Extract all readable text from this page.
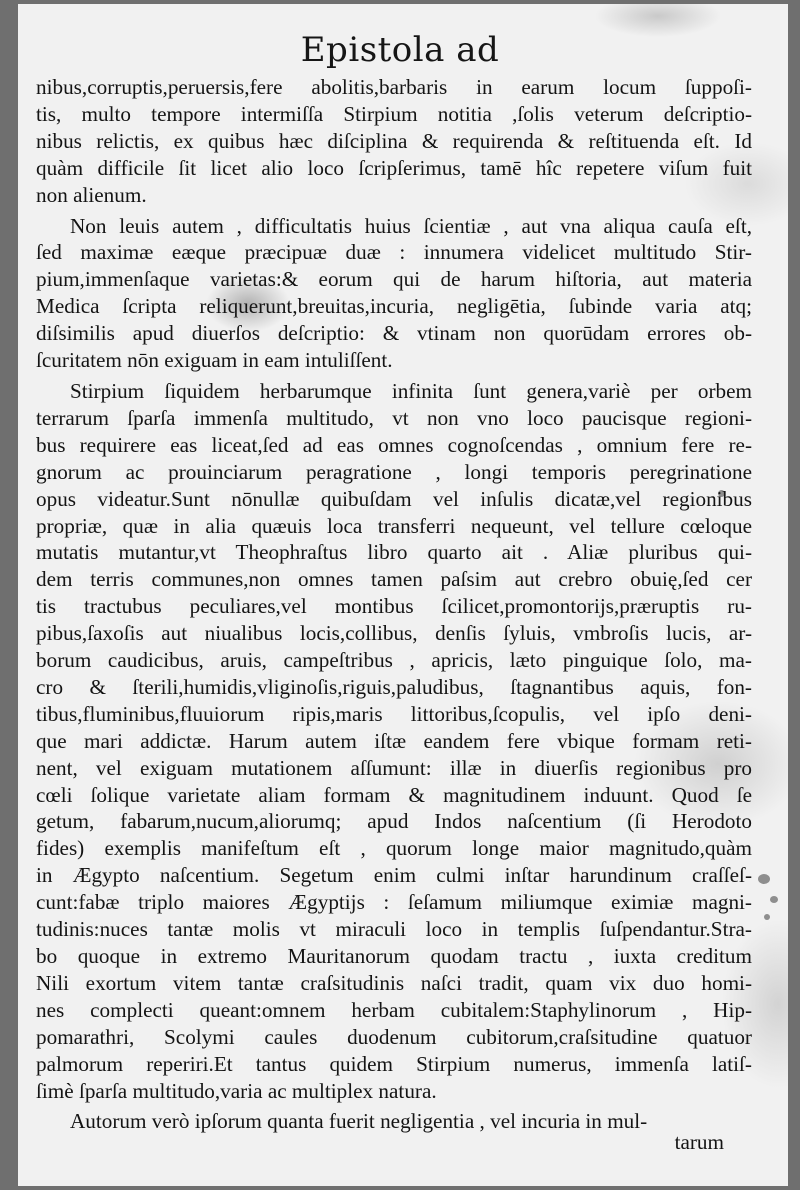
Epistola ad
nibus,corruptis,peruersis,fere abolitis,barbaris in earum locum ſuppoſi-
tis, multo tempore intermiſſa Stirpium notitia ,ſolis veterum deſcriptio-
nibus relictis, ex quibus hæc diſciplina & requirenda & reſtituenda eſt. Id
quàm difficile ſit licet alio loco ſcripſerimus, tamē hîc repetere viſum fuit
non alienum.
Non leuis autem , difficultatis huius ſcientiæ , aut vna aliqua cauſa eſt,
ſed maximæ eæque præcipuæ duæ : innumera videlicet multitudo Stir-
pium,immenſaque varietas:& eorum qui de harum hiſtoria, aut materia
Medica ſcripta reliquerunt,breuitas,incuria, negligētia, ſubinde varia atq;
diſsimilis apud diuerſos deſcriptio: & vtinam non quorūdam errores ob-
ſcuritatem nōn exiguam in eam intuliſſent.
Stirpium ſiquidem herbarumque infinita ſunt genera,variè per orbem
terrarum ſparſa immenſa multitudo, vt non vno loco paucisque regioni-
bus requirere eas liceat,ſed ad eas omnes cognoſcendas , omnium fere re-
gnorum ac prouinciarum peragratione , longi temporis peregrinatione
opus videatur.Sunt nōnullæ quibuſdam vel inſulis dicatæ,vel regionibus
propriæ, quæ in alia quæuis loca transferri nequeunt, vel tellure cœloque
mutatis mutantur,vt Theophraſtus libro quarto ait . Aliæ pluribus qui-
dem terris communes,non omnes tamen paſsim aut crebro obuię,ſed cer
tis tractubus peculiares,vel montibus ſcilicet,promontorijs,præruptis ru-
pibus,ſaxoſis aut niualibus locis,collibus, denſis ſyluis, vmbroſis lucis, ar-
borum caudicibus, aruis, campeſtribus , apricis, læto pinguique ſolo, ma-
cro & ſterili,humidis,vliginoſis,riguis,paludibus, ſtagnantibus aquis, fon-
tibus,fluminibus,fluuiorum ripis,maris littoribus,ſcopulis, vel ipſo deni-
que mari addictæ. Harum autem iſtæ eandem fere vbique formam reti-
nent, vel exiguam mutationem aſſumunt: illæ in diuerſis regionibus pro
cœli ſolique varietate aliam formam & magnitudinem induunt. Quod ſe
getum, fabarum,nucum,aliorumq; apud Indos naſcentium (ſi Herodoto
fides) exemplis manifeſtum eſt , quorum longe maior magnitudo,quàm
in Ægypto naſcentium. Segetum enim culmi inſtar harundinum craſſeſ-
cunt:fabæ triplo maiores Ægyptijs : ſeſamum miliumque eximiæ magni-
tudinis:nuces tantæ molis vt miraculi loco in templis ſuſpendantur.Stra-
bo quoque in extremo Mauritanorum quodam tractu , iuxta creditum
Nili exortum vitem tantæ craſsitudinis naſci tradit, quam vix duo homi-
nes complecti queant:omnem herbam cubitalem:Staphylinorum , Hip-
pomarathri, Scolymi caules duodenum cubitorum,craſsitudine quatuor
palmorum reperiri.Et tantus quidem Stirpium numerus, immenſa latiſ-
ſimè ſparſa multitudo,varia ac multiplex natura.
Autorum verò ipſorum quanta fuerit negligentia , vel incuria in mul-
tarum
